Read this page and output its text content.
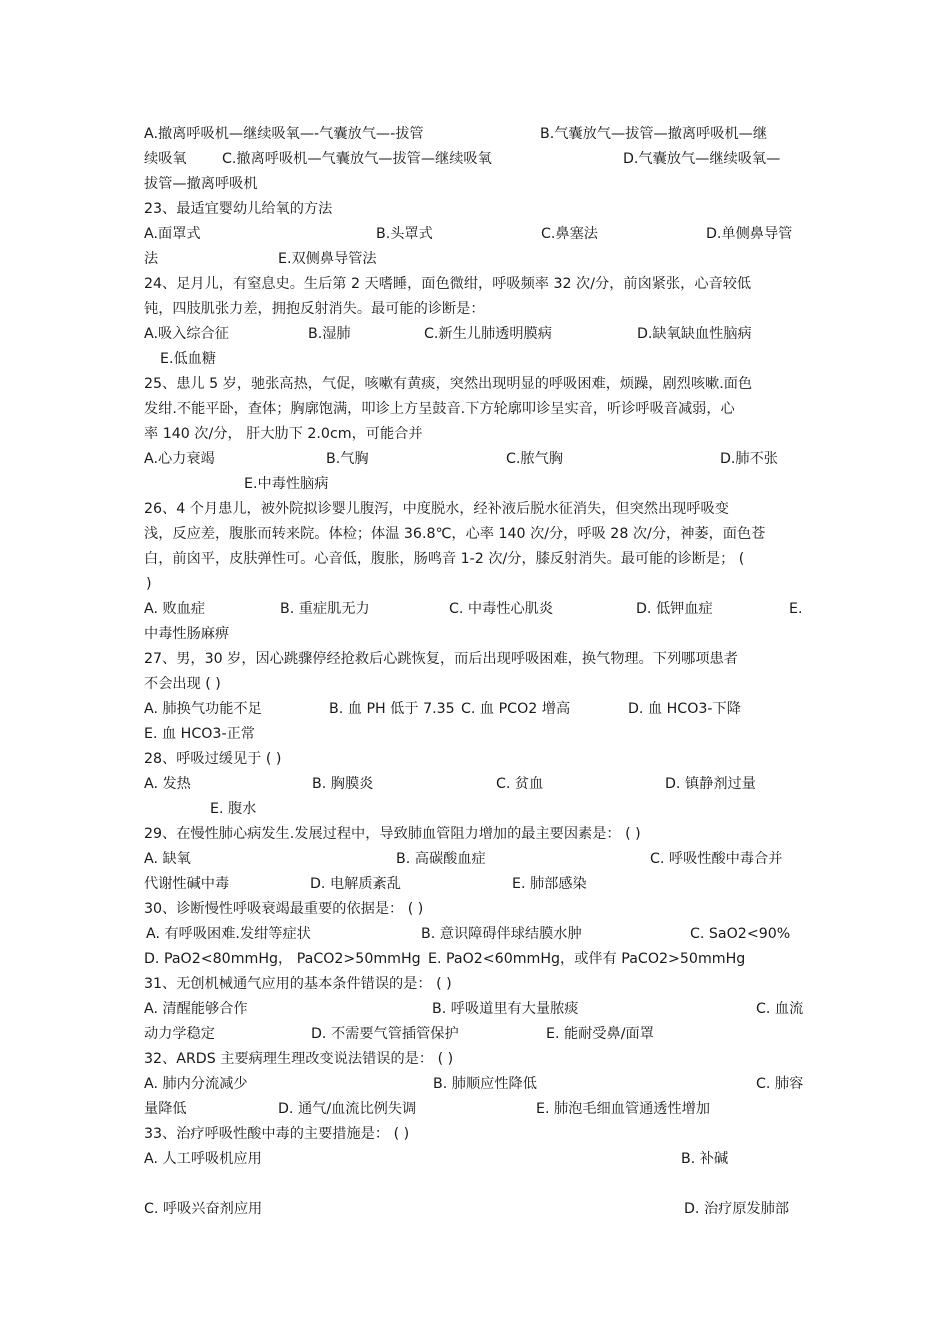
A.撤离呼吸机—继续吸氧—-气囊放气—-拔管	B.气囊放气—拔管—撤离呼吸机—继
续吸氧 C.撤离呼吸机—气囊放气—拔管—继续吸氧	D.气囊放气—继续吸氧—
拔管—撤离呼吸机
23、最适宜婴幼儿给氧的方法
A.面罩式	B.头罩式	C.鼻塞法	D.单侧鼻导管
法	E.双侧鼻导管法
24、足月儿，有窒息史。生后第 2 天嗜睡，面色微绀，呼吸频率 32 次/分，前囟紧张，心音较低
钝，四肢肌张力差，拥抱反射消失。最可能的诊断是：
A.吸入综合征	B.湿肺	C.新生儿肺透明膜病	D.缺氧缺血性脑病
E.低血糖
25、患儿 5 岁，驰张高热，气促，咳嗽有黄痰，突然出现明显的呼吸困难，烦躁，剧烈咳嗽.面色
发绀.不能平卧，查体；胸廓饱满，叩诊上方呈鼓音.下方轮廓叩诊呈实音，听诊呼吸音减弱，心
率 140 次/分， 肝大肋下 2.0cm，可能合并
A.心力衰竭	B.气胸	C.脓气胸	D.肺不张
E.中毒性脑病
26、4 个月患儿，被外院拟诊婴儿腹泻，中度脱水，经补液后脱水征消失，但突然出现呼吸变
浅，反应差，腹胀而转来院。体检；体温 36.8℃，心率 140 次/分，呼吸 28 次/分，神萎，面色苍
白，前囟平，皮肤弹性可。心音低，腹胀，肠鸣音 1-2 次/分，膝反射消失。最可能的诊断是； (
)
A. 败血症	B. 重症肌无力	C. 中毒性心肌炎	D. 低钾血症	E.
中毒性肠麻痹
27、男，30 岁，因心跳骤停经抢救后心跳恢复，而后出现呼吸困难，换气物理。下列哪项患者
不会出现 ( )
A. 肺换气功能不足	B. 血 PH 低于 7.35 C. 血 PCO2 增高	D. 血 HCO3-下降
E. 血 HCO3-正常
28、呼吸过缓见于 ( )
A. 发热	B. 胸膜炎	C. 贫血	D. 镇静剂过量
E. 腹水
29、在慢性肺心病发生.发展过程中，导致肺血管阻力增加的最主要因素是： ( )
A. 缺氧	B. 高碳酸血症	C. 呼吸性酸中毒合并
代谢性碱中毒	D. 电解质紊乱	E. 肺部感染
30、诊断慢性呼吸衰竭最重要的依据是： ( )
A. 有呼吸困难.发绀等症状	B. 意识障碍伴球结膜水肿	C. SaO2<90%
D. PaO2<80mmHg， PaCO2>50mmHg E. PaO2<60mmHg，或伴有 PaCO2>50mmHg
31、无创机械通气应用的基本条件错误的是： ( )
A. 清醒能够合作	B. 呼吸道里有大量脓痰	C. 血流
动力学稳定	D. 不需要气管插管保护	E. 能耐受鼻/面罩
32、ARDS 主要病理生理改变说法错误的是： ( )
A. 肺内分流减少	B. 肺顺应性降低	C. 肺容
量降低	D. 通气/血流比例失调	E. 肺泡毛细血管通透性增加
33、治疗呼吸性酸中毒的主要措施是： ( )
A. 人工呼吸机应用	B. 补碱
C. 呼吸兴奋剂应用	D. 治疗原发肺部
